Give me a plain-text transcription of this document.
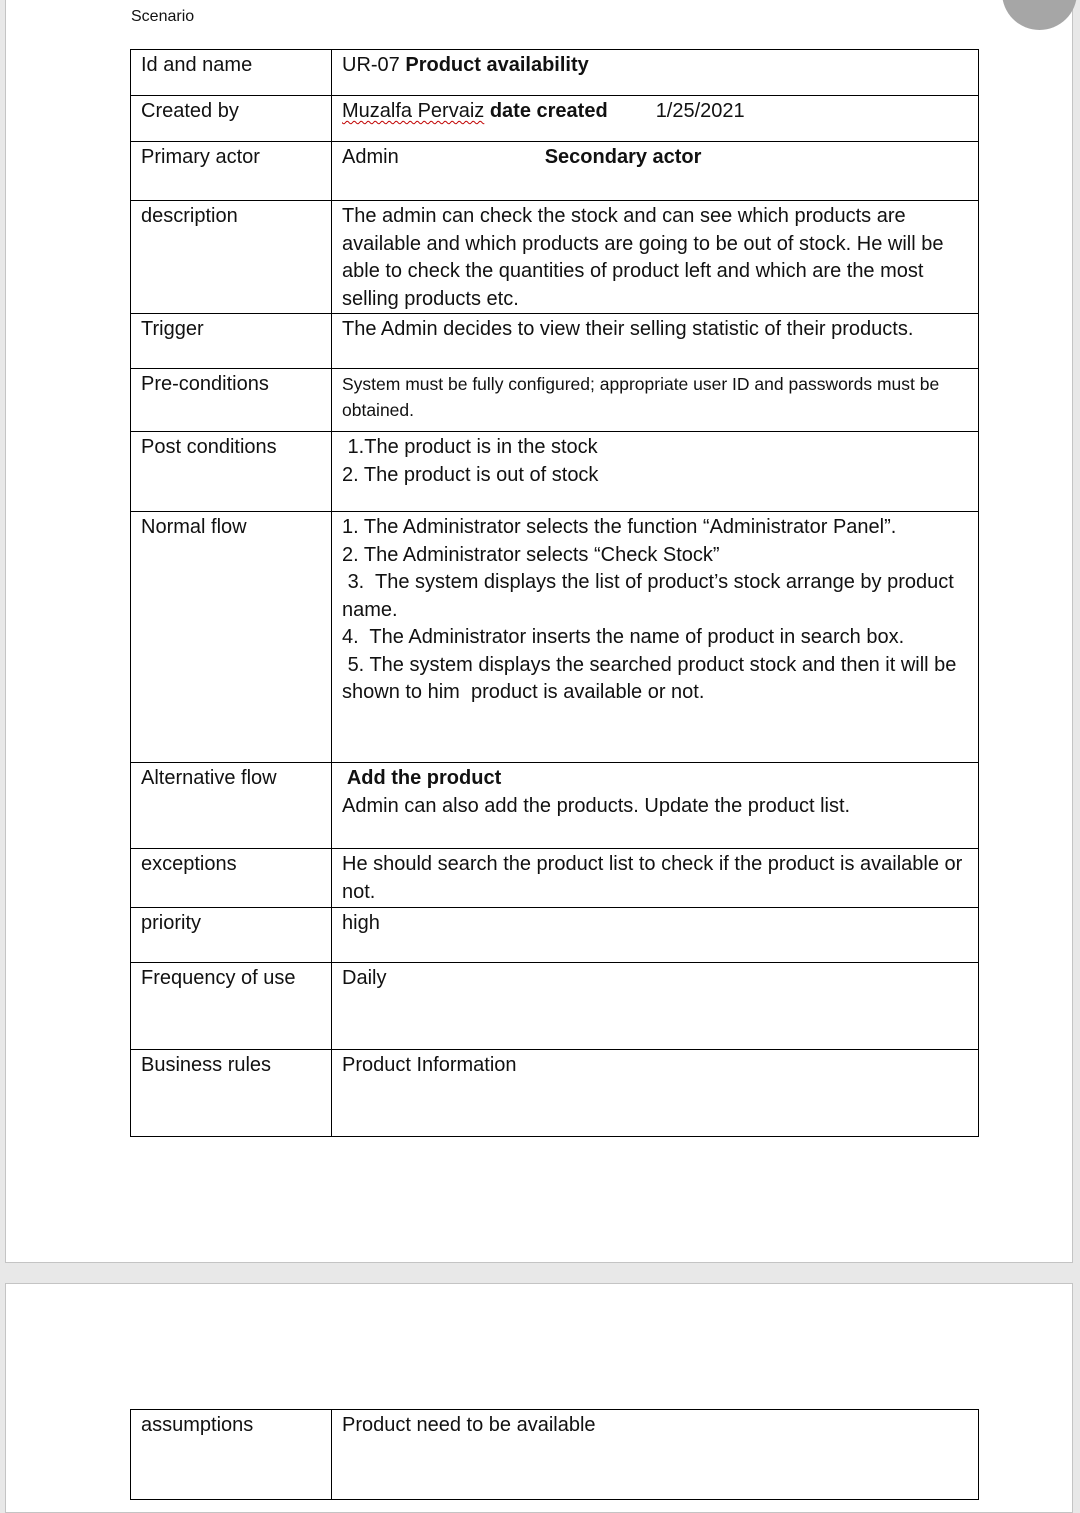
Scenario
Id and name	UR-07 Product availability
Created by	Muzalfa Pervaiz date created 1/25/2021
Primary actor	Admin Secondary actor
description	The admin can check the stock and can see which products are available and which products are going to be out of stock. He will be able to check the quantities of product left and which are the most selling products etc.
Trigger	The Admin decides to view their selling statistic of their products.
Pre-conditions	System must be fully configured; appropriate user ID and passwords must be obtained.
Post conditions	1.The product is in the stock
2. The product is out of stock

Normal flow	1. The Administrator selects the function “Administrator Panel”.
2. The Administrator selects “Check Stock”
3.  The system displays the list of product’s stock arrange by product name.
4.  The Administrator inserts the name of product in search box.
5. The system displays the searched product stock and then it will be shown to him  product is available or not.

Alternative flow	Add the product
Admin can also add the products. Update the product list.

exceptions	He should search the product list to check if the product is available or not.
priority	high
Frequency of use	Daily
Business rules	Product Information
assumptions	Product need to be available
